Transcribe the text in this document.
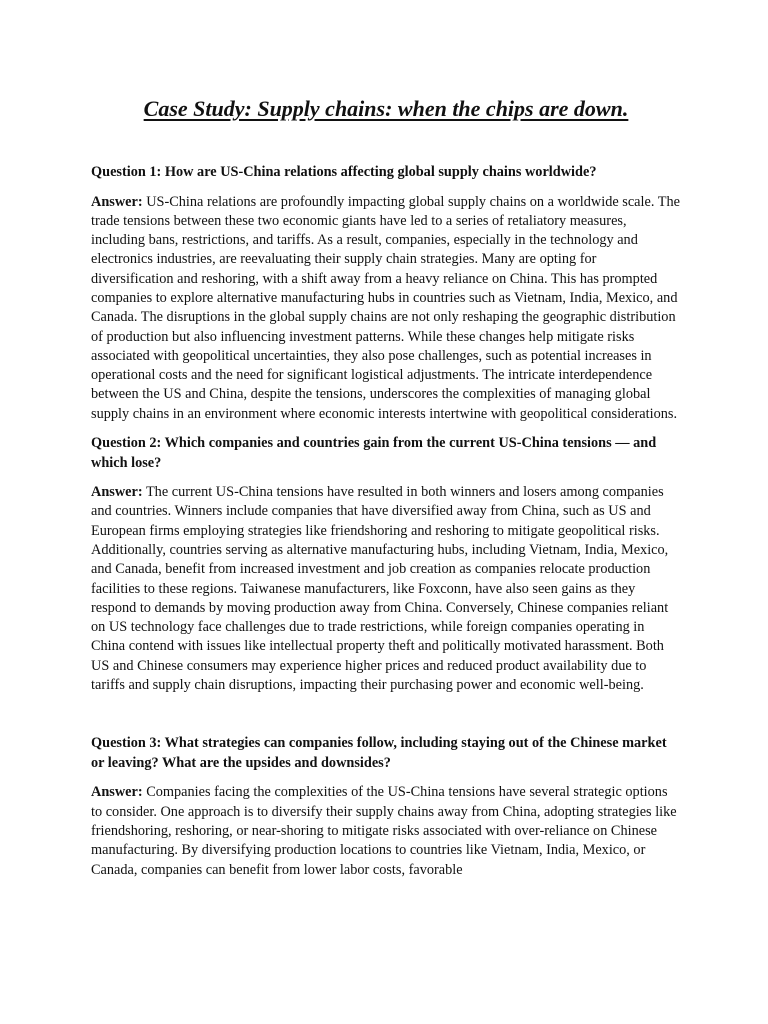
Case Study: Supply chains: when the chips are down.

Question 1: How are US-China relations affecting global supply chains worldwide?

Answer: US-China relations are profoundly impacting global supply chains on a worldwide scale. The trade tensions between these two economic giants have led to a series of retaliatory measures, including bans, restrictions, and tariffs. As a result, companies, especially in the technology and electronics industries, are reevaluating their supply chain strategies. Many are opting for diversification and reshoring, with a shift away from a heavy reliance on China. This has prompted companies to explore alternative manufacturing hubs in countries such as Vietnam, India, Mexico, and Canada. The disruptions in the global supply chains are not only reshaping the geographic distribution of production but also influencing investment patterns. While these changes help mitigate risks associated with geopolitical uncertainties, they also pose challenges, such as potential increases in operational costs and the need for significant logistical adjustments. The intricate interdependence between the US and China, despite the tensions, underscores the complexities of managing global supply chains in an environment where economic interests intertwine with geopolitical considerations.

Question 2: Which companies and countries gain from the current US-China tensions — and which lose?

Answer: The current US-China tensions have resulted in both winners and losers among companies and countries. Winners include companies that have diversified away from China, such as US and European firms employing strategies like friendshoring and reshoring to mitigate geopolitical risks. Additionally, countries serving as alternative manufacturing hubs, including Vietnam, India, Mexico, and Canada, benefit from increased investment and job creation as companies relocate production facilities to these regions. Taiwanese manufacturers, like Foxconn, have also seen gains as they respond to demands by moving production away from China. Conversely, Chinese companies reliant on US technology face challenges due to trade restrictions, while foreign companies operating in China contend with issues like intellectual property theft and politically motivated harassment. Both US and Chinese consumers may experience higher prices and reduced product availability due to tariffs and supply chain disruptions, impacting their purchasing power and economic well-being.

Question 3: What strategies can companies follow, including staying out of the Chinese market or leaving? What are the upsides and downsides?

Answer: Companies facing the complexities of the US-China tensions have several strategic options to consider. One approach is to diversify their supply chains away from China, adopting strategies like friendshoring, reshoring, or near-shoring to mitigate risks associated with over-reliance on Chinese manufacturing. By diversifying production locations to countries like Vietnam, India, Mexico, or Canada, companies can benefit from lower labor costs, favorable
